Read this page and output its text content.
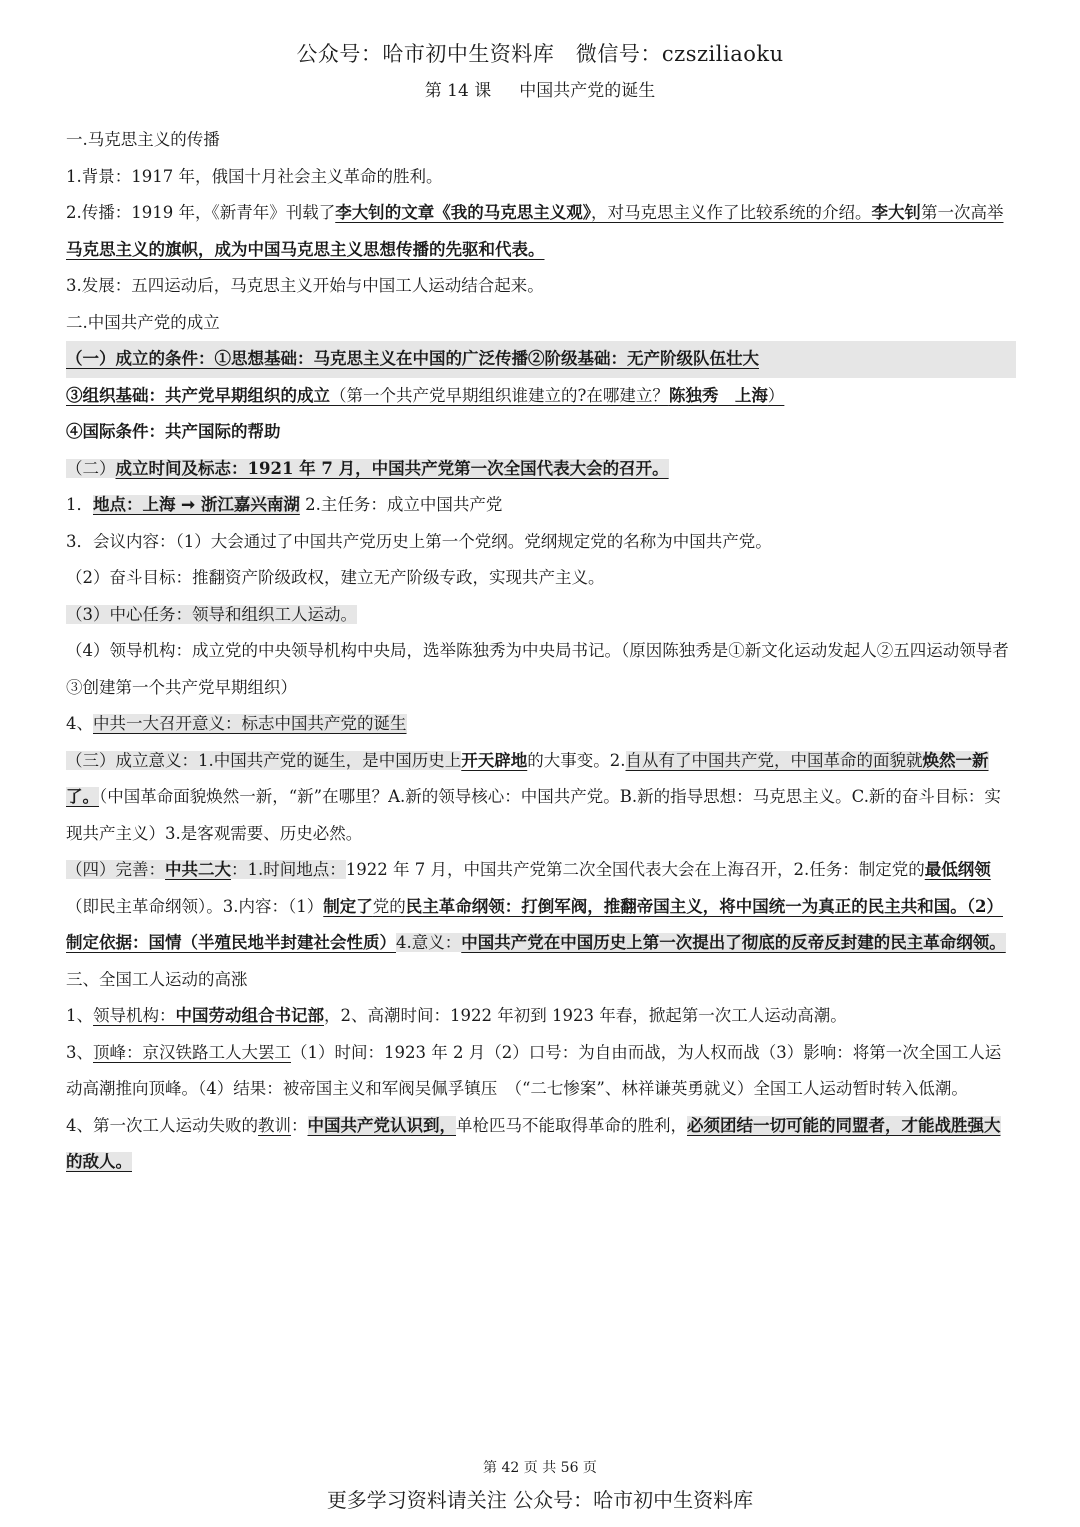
公众号：哈市初中生资料库　微信号：czsziliaoku
第 14 课 中国共产党的诞生

一.马克思主义的传播

1.背景：1917 年，俄国十月社会主义革命的胜利。

2.传播：1919 年，《新青年》刊载了李大钊的文章《我的马克思主义观》，对马克思主义作了比较系统的介绍。李大钊第一次高举马克思主义的旗帜，成为中国马克思主义思想传播的先驱和代表。

3.发展：五四运动后，马克思主义开始与中国工人运动结合起来。

二.中国共产党的成立

（一）成立的条件：①思想基础：马克思主义在中国的广泛传播②阶级基础：无产阶级队伍壮大

③组织基础：共产党早期组织的成立（第一个共产党早期组织谁建立的?在哪建立？陈独秀　上海）

④国际条件：共产国际的帮助

（二）成立时间及标志：1921 年 7 月，中国共产党第一次全国代表大会的召开。

1．地点：上海 ➞ 浙江嘉兴南湖 2.主任务：成立中国共产党

3．会议内容：（1）大会通过了中国共产党历史上第一个党纲。党纲规定党的名称为中国共产党。

（2）奋斗目标：推翻资产阶级政权，建立无产阶级专政，实现共产主义。

（3）中心任务：领导和组织工人运动。

（4）领导机构：成立党的中央领导机构中央局，选举陈独秀为中央局书记。（原因陈独秀是①新文化运动发起人②五四运动领导者③创建第一个共产党早期组织）

4、中共一大召开意义：标志中国共产党的诞生

（三）成立意义：1.中国共产党的诞生，是中国历史上开天辟地的大事变。2.自从有了中国共产党，中国革命的面貌就焕然一新了。（中国革命面貌焕然一新，“新”在哪里？A.新的领导核心：中国共产党。B.新的指导思想：马克思主义。C.新的奋斗目标：实现共产主义）3.是客观需要、历史必然。

（四）完善：中共二大：1.时间地点：1922 年 7 月，中国共产党第二次全国代表大会在上海召开，2.任务：制定党的最低纲领（即民主革命纲领）。3.内容：（1）制定了党的民主革命纲领：打倒军阀，推翻帝国主义，将中国统一为真正的民主共和国。（2）制定依据：国情（半殖民地半封建社会性质）4.意义：中国共产党在中国历史上第一次提出了彻底的反帝反封建的民主革命纲领。

三、全国工人运动的高涨

1、领导机构：中国劳动组合书记部，2、高潮时间：1922 年初到 1923 年春，掀起第一次工人运动高潮。

3、顶峰：京汉铁路工人大罢工（1）时间：1923 年 2 月（2）口号：为自由而战，为人权而战（3）影响：将第一次全国工人运动高潮推向顶峰。（4）结果：被帝国主义和军阀吴佩孚镇压　（“二七惨案”、林祥谦英勇就义）全国工人运动暂时转入低潮。

4、第一次工人运动失败的教训：中国共产党认识到，单枪匹马不能取得革命的胜利，必须团结一切可能的同盟者，才能战胜强大的敌人。

第 42 页 共 56 页
更多学习资料请关注 公众号：哈市初中生资料库
